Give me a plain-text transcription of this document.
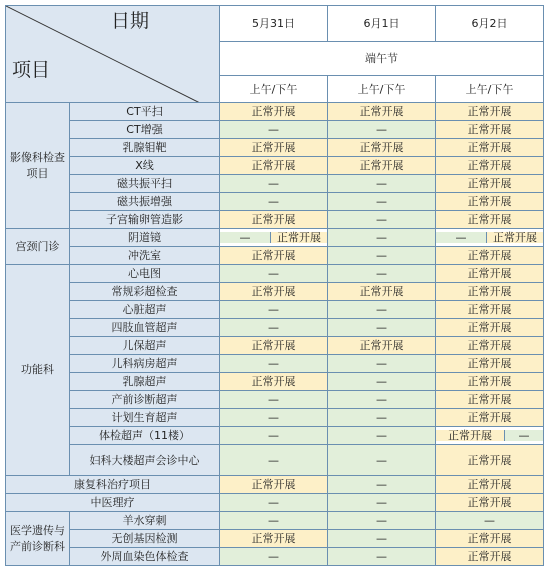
日期
项目		5月31日	6月1日	6月2日
		端午节		
		上午/下午	上午/下午	上午/下午
影像科检查项目	CT平扫	正常开展	正常开展	正常开展
	CT增强	—	—	正常开展
	乳腺钼靶	正常开展	正常开展	正常开展
	X线	正常开展	正常开展	正常开展
	磁共振平扫	—	—	正常开展
	磁共振增强	—	—	正常开展
	子宫输卵管造影	正常开展	—	正常开展
宫颈门诊	阴道镜	— 正常开展	—	— 正常开展

	冲洗室	正常开展	—	正常开展
功能科	心电图	—	—	正常开展
	常规彩超检查	正常开展	正常开展	正常开展
	心脏超声	—	—	正常开展
	四肢血管超声	—	—	正常开展
	儿保超声	正常开展	正常开展	正常开展
	儿科病房超声	—	—	正常开展
	乳腺超声	正常开展	—	正常开展
	产前诊断超声	—	—	正常开展
	计划生育超声	—	—	正常开展
	体检超声（11楼）	—	—	正常开展 —

	妇科大楼超声会诊中心	—	—	正常开展
康复科治疗项目		正常开展	—	正常开展
中医理疗		—	—	正常开展
医学遗传与产前诊断科	羊水穿刺	—	—	—
	无创基因检测	正常开展	—	正常开展
	外周血染色体检查	—	—	正常开展
